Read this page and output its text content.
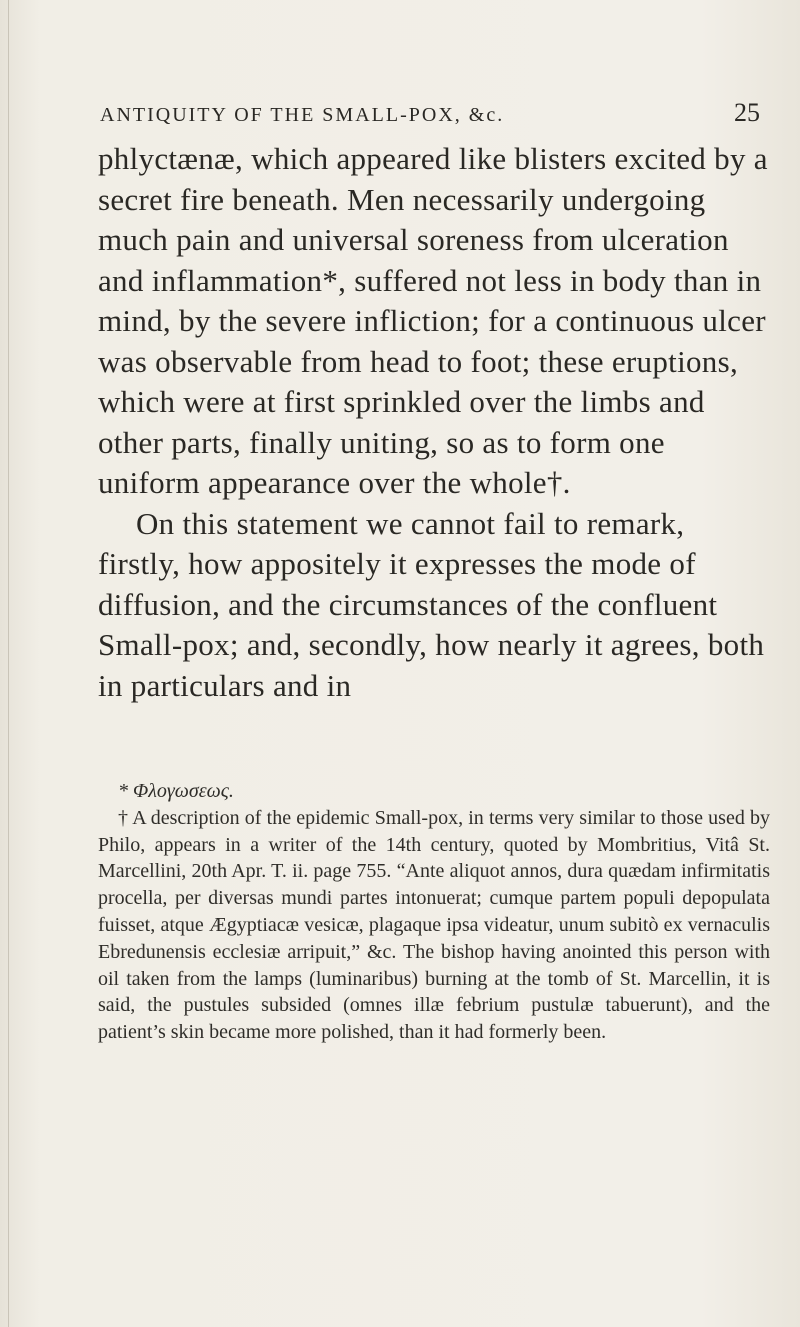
ANTIQUITY OF THE SMALL-POX, &c.	25

phlyctænæ, which appeared like blisters excited by a secret fire beneath. Men necessarily undergoing much pain and universal soreness from ulceration and inflammation*, suffered not less in body than in mind, by the severe infliction; for a continuous ulcer was observable from head to foot; these eruptions, which were at first sprinkled over the limbs and other parts, finally uniting, so as to form one uniform appearance over the whole†.

On this statement we cannot fail to remark, firstly, how appositely it expresses the mode of diffusion, and the circumstances of the confluent Small-pox; and, secondly, how nearly it agrees, both in particulars and in

* Φλογωσεως.

† A description of the epidemic Small-pox, in terms very similar to those used by Philo, appears in a writer of the 14th century, quoted by Mombritius, Vitâ St. Marcellini, 20th Apr. T. ii. page 755. “Ante aliquot annos, dura quædam infirmitatis procella, per diversas mundi partes intonuerat; cumque partem populi depopulata fuisset, atque Ægyptiacæ vesicæ, plagaque ipsa videatur, unum subitò ex vernaculis Ebredunensis ecclesiæ arripuit,” &c. The bishop having anointed this person with oil taken from the lamps (luminaribus) burning at the tomb of St. Marcellin, it is said, the pustules subsided (omnes illæ febrium pustulæ tabuerunt), and the patient’s skin became more polished, than it had formerly been.
